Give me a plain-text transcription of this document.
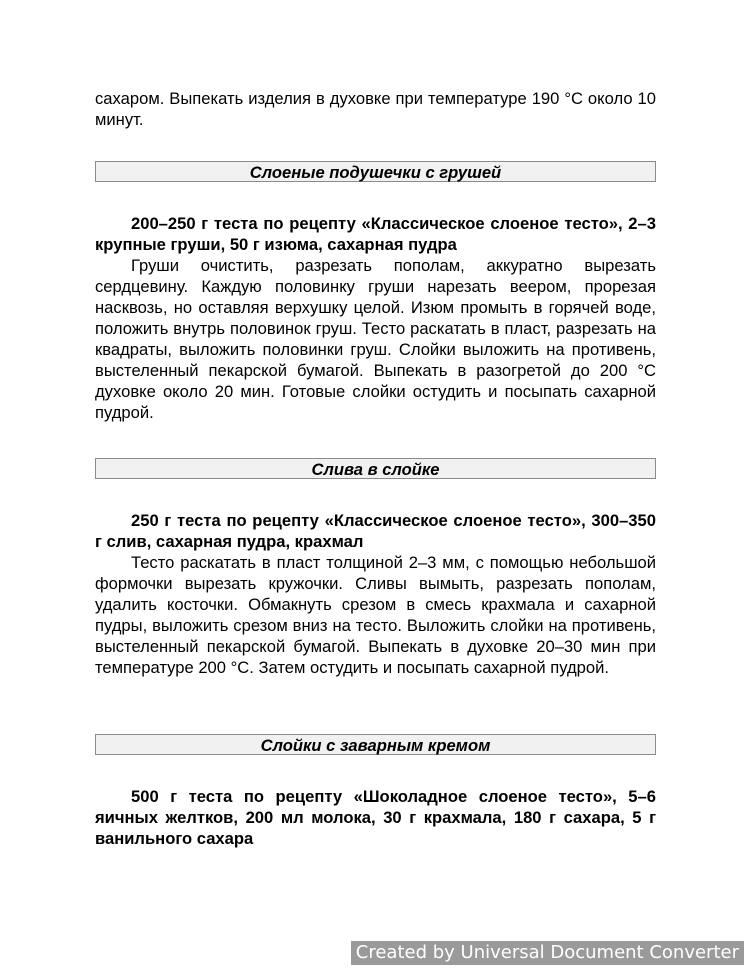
сахаром. Выпекать изделия в духовке при температуре 190 °С около 10 минут.

Слоеные подушечки с грушей

200–250 г теста по рецепту «Классическое слоеное тесто», 2–3 крупные груши, 50 г изюма, сахарная пудра

Груши очистить, разрезать пополам, аккуратно вырезать сердцевину. Каждую половинку груши нарезать веером, прорезая насквозь, но оставляя верхушку целой. Изюм промыть в горячей воде, положить внутрь половинок груш. Тесто раскатать в пласт, разрезать на квадраты, выложить половинки груш. Слойки выложить на противень, выстеленный пекарской бумагой. Выпекать в разогретой до 200 °С духовке около 20 мин. Готовые слойки остудить и посыпать сахарной пудрой.

Слива в слойке

250 г теста по рецепту «Классическое слоеное тесто», 300–350 г слив, сахарная пудра, крахмал

Тесто раскатать в пласт толщиной 2–3 мм, с помощью небольшой формочки вырезать кружочки. Сливы вымыть, разрезать пополам, удалить косточки. Обмакнуть срезом в смесь крахмала и сахарной пудры, выложить срезом вниз на тесто. Выложить слойки на противень, выстеленный пекарской бумагой. Выпекать в духовке 20–30 мин при температуре 200 °С. Затем остудить и посыпать сахарной пудрой.

Слойки с заварным кремом

500 г теста по рецепту «Шоколадное слоеное тесто», 5–6 яичных желтков, 200 мл молока, 30 г крахмала, 180 г сахара, 5 г ванильного сахара

Created by Universal Document Converter
